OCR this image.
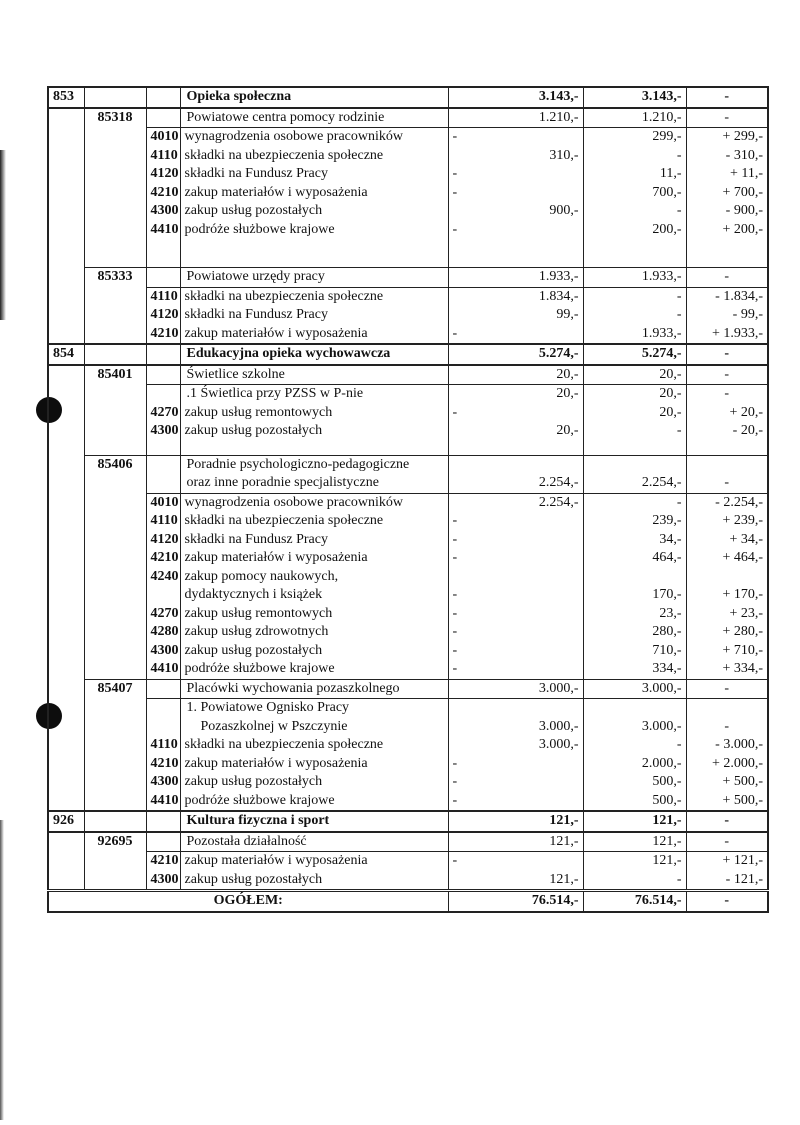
853			Opieka społeczna	3.143,-	3.143,-	-
	85318		Powiatowe centra pomocy rodzinie	1.210,-	1.210,-	-
		4010	wynagrodzenia osobowe pracowników	-	299,-	+ 299,-
		4110	składki na ubezpieczenia społeczne	310,-	-	- 310,-
		4120	składki na Fundusz Pracy	-	11,-	+ 11,-
		4210	zakup materiałów i wyposażenia	-	700,-	+ 700,-
		4300	zakup usług pozostałych	900,-	-	- 900,-
		4410	podróże służbowe krajowe	-	200,-	+ 200,-

	85333		Powiatowe urzędy pracy	1.933,-	1.933,-	-
		4110	składki na ubezpieczenia społeczne	1.834,-	-	- 1.834,-
		4120	składki na Fundusz Pracy	99,-	-	- 99,-
		4210	zakup materiałów i wyposażenia	-	1.933,-	+ 1.933,-
854			Edukacyjna opieka wychowawcza	5.274,-	5.274,-	-
	85401		Świetlice szkolne	20,-	20,-	-
			.1 Świetlica przy PZSS w P-nie	20,-	20,-	-
		4270	zakup usług remontowych	-	20,-	+ 20,-
		4300	zakup usług pozostałych	20,-	-	- 20,-

	85406		Poradnie psychologiczno-pedagogiczne			
			oraz inne poradnie specjalistyczne	2.254,-	2.254,-	-
		4010	wynagrodzenia osobowe pracowników	2.254,-	-	- 2.254,-
		4110	składki na ubezpieczenia społeczne	-	239,-	+ 239,-
		4120	składki na Fundusz Pracy	-	34,-	+ 34,-
		4210	zakup materiałów i wyposażenia	-	464,-	+ 464,-
		4240	zakup pomocy naukowych,			
			dydaktycznych i książek	-	170,-	+ 170,-
		4270	zakup usług remontowych	-	23,-	+ 23,-
		4280	zakup usług zdrowotnych	-	280,-	+ 280,-
		4300	zakup usług pozostałych	-	710,-	+ 710,-
		4410	podróże służbowe krajowe	-	334,-	+ 334,-
	85407		Placówki wychowania pozaszkolnego	3.000,-	3.000,-	-
			1. Powiatowe Ognisko Pracy			
			Pozaszkolnej w Pszczynie	3.000,-	3.000,-	-
		4110	składki na ubezpieczenia społeczne	3.000,-	-	- 3.000,-
		4210	zakup materiałów i wyposażenia	-	2.000,-	+ 2.000,-
		4300	zakup usług pozostałych	-	500,-	+ 500,-
		4410	podróże służbowe krajowe	-	500,-	+ 500,-
926			Kultura fizyczna i sport	121,-	121,-	-
	92695		Pozostała działalność	121,-	121,-	-
		4210	zakup materiałów i wyposażenia	-	121,-	+ 121,-
		4300	zakup usług pozostałych	121,-	-	- 121,-
OGÓŁEM:				76.514,-	76.514,-	-
